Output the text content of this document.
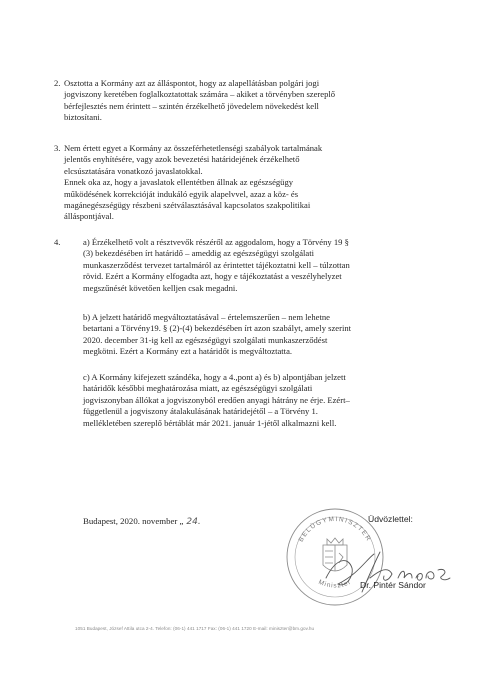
2. Osztotta a Kormány azt az álláspontot, hogy az alapellátásban polgári jogi

jogviszony keretében foglalkoztatottak számára – akiket a törvényben szereplő

bérfejlesztés nem érintett – szintén érzékelhető jövedelem növekedést kell

biztosítani.

3. Nem értett egyet a Kormány az összeférhetetlenségi szabályok tartalmának

jelentős enyhítésére, vagy azok bevezetési határidejének érzékelhető

elcsúsztatására vonatkozó javaslatokkal.

Ennek oka az, hogy a javaslatok ellentétben állnak az egészségügy

működésének korrekcióját indukáló egyik alapelvvel, azaz a köz- és

magánegészségügy részbeni szétválasztásával kapcsolatos szakpolitikai

álláspontjával.

4.	a) Érzékelhető volt a résztvevők részéről az aggodalom, hogy a Törvény 19 §

(3) bekezdésében írt határidő – ameddig az egészségügyi szolgálati

munkaszerződést tervezet tartalmáról az érintettet tájékoztatni kell – túlzottan

rövid. Ezért a Kormány elfogadta azt, hogy e tájékoztatást a veszélyhelyzet

megszűnését követően kelljen csak megadni.

b) A jelzett határidő megváltoztatásával – értelemszerűen – nem lehetne

betartani a Törvény19. § (2)-(4) bekezdésében írt azon szabályt, amely szerint

2020. december 31-ig kell az egészségügyi szolgálati munkaszerződést

megkötni. Ezért a Kormány ezt a határidőt is megváltoztatta.

c) A Kormány kifejezett szándéka, hogy a 4.,pont a) és b) alpontjában jelzett

határidők későbbi meghatározása miatt, az egészségügyi szolgálati

jogviszonyban állókat a jogviszonyból eredően anyagi hátrány ne érje. Ezért–

függetlenül a jogviszony átalakulásának határidejétől – a Törvény 1.

mellékletében szereplő bértáblát már 2021. január 1-jétől alkalmazni kell.

Budapest, 2020. november „ 24.	Üdvözlettel:
BELÜGYMINISZTER
Miniszter Dr. Pintér Sándor
1051 Budapest, József Attila utca 2-4. Telefon: (06-1) 441 1717 Fax: (06-1) 441 1720 E-mail: miniszter@bm.gov.hu
